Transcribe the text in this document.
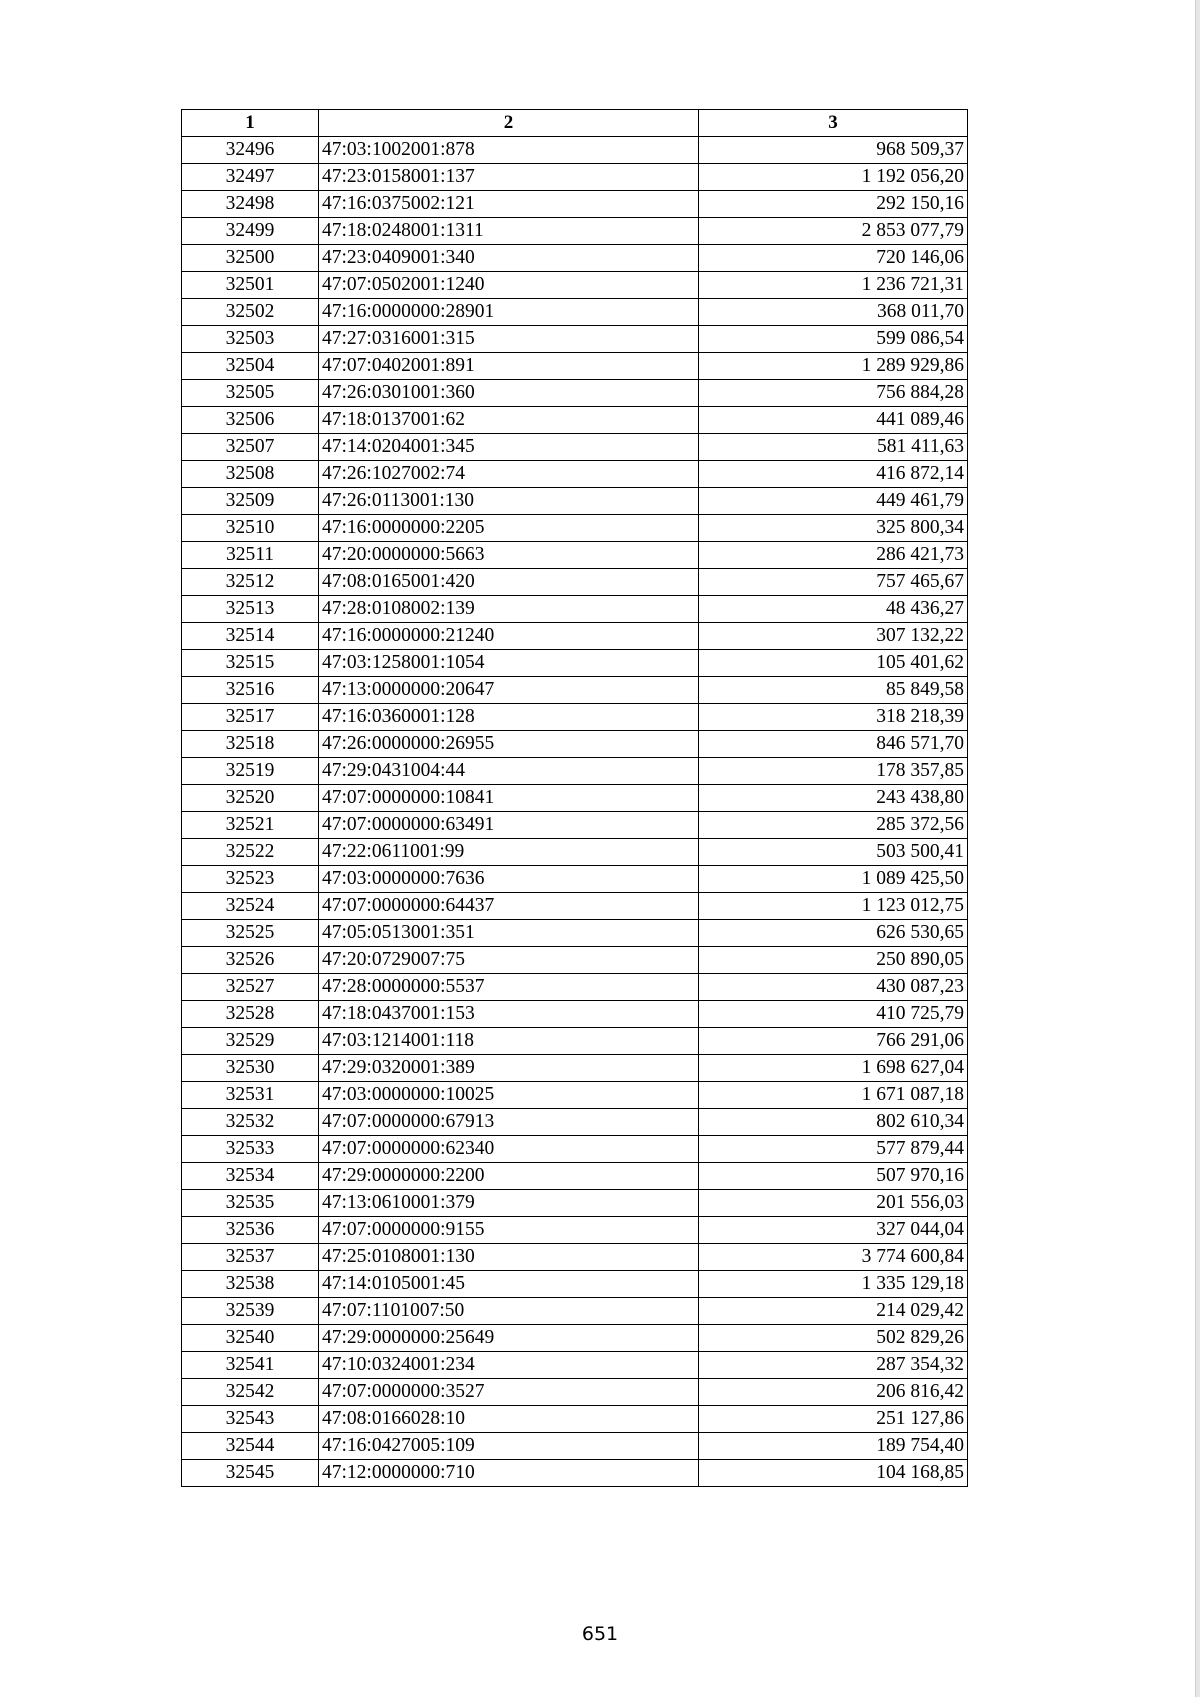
1	2	3
32496	47:03:1002001:878	968 509,37
32497	47:23:0158001:137	1 192 056,20
32498	47:16:0375002:121	292 150,16
32499	47:18:0248001:1311	2 853 077,79
32500	47:23:0409001:340	720 146,06
32501	47:07:0502001:1240	1 236 721,31
32502	47:16:0000000:28901	368 011,70
32503	47:27:0316001:315	599 086,54
32504	47:07:0402001:891	1 289 929,86
32505	47:26:0301001:360	756 884,28
32506	47:18:0137001:62	441 089,46
32507	47:14:0204001:345	581 411,63
32508	47:26:1027002:74	416 872,14
32509	47:26:0113001:130	449 461,79
32510	47:16:0000000:2205	325 800,34
32511	47:20:0000000:5663	286 421,73
32512	47:08:0165001:420	757 465,67
32513	47:28:0108002:139	48 436,27
32514	47:16:0000000:21240	307 132,22
32515	47:03:1258001:1054	105 401,62
32516	47:13:0000000:20647	85 849,58
32517	47:16:0360001:128	318 218,39
32518	47:26:0000000:26955	846 571,70
32519	47:29:0431004:44	178 357,85
32520	47:07:0000000:10841	243 438,80
32521	47:07:0000000:63491	285 372,56
32522	47:22:0611001:99	503 500,41
32523	47:03:0000000:7636	1 089 425,50
32524	47:07:0000000:64437	1 123 012,75
32525	47:05:0513001:351	626 530,65
32526	47:20:0729007:75	250 890,05
32527	47:28:0000000:5537	430 087,23
32528	47:18:0437001:153	410 725,79
32529	47:03:1214001:118	766 291,06
32530	47:29:0320001:389	1 698 627,04
32531	47:03:0000000:10025	1 671 087,18
32532	47:07:0000000:67913	802 610,34
32533	47:07:0000000:62340	577 879,44
32534	47:29:0000000:2200	507 970,16
32535	47:13:0610001:379	201 556,03
32536	47:07:0000000:9155	327 044,04
32537	47:25:0108001:130	3 774 600,84
32538	47:14:0105001:45	1 335 129,18
32539	47:07:1101007:50	214 029,42
32540	47:29:0000000:25649	502 829,26
32541	47:10:0324001:234	287 354,32
32542	47:07:0000000:3527	206 816,42
32543	47:08:0166028:10	251 127,86
32544	47:16:0427005:109	189 754,40
32545	47:12:0000000:710	104 168,85
651
